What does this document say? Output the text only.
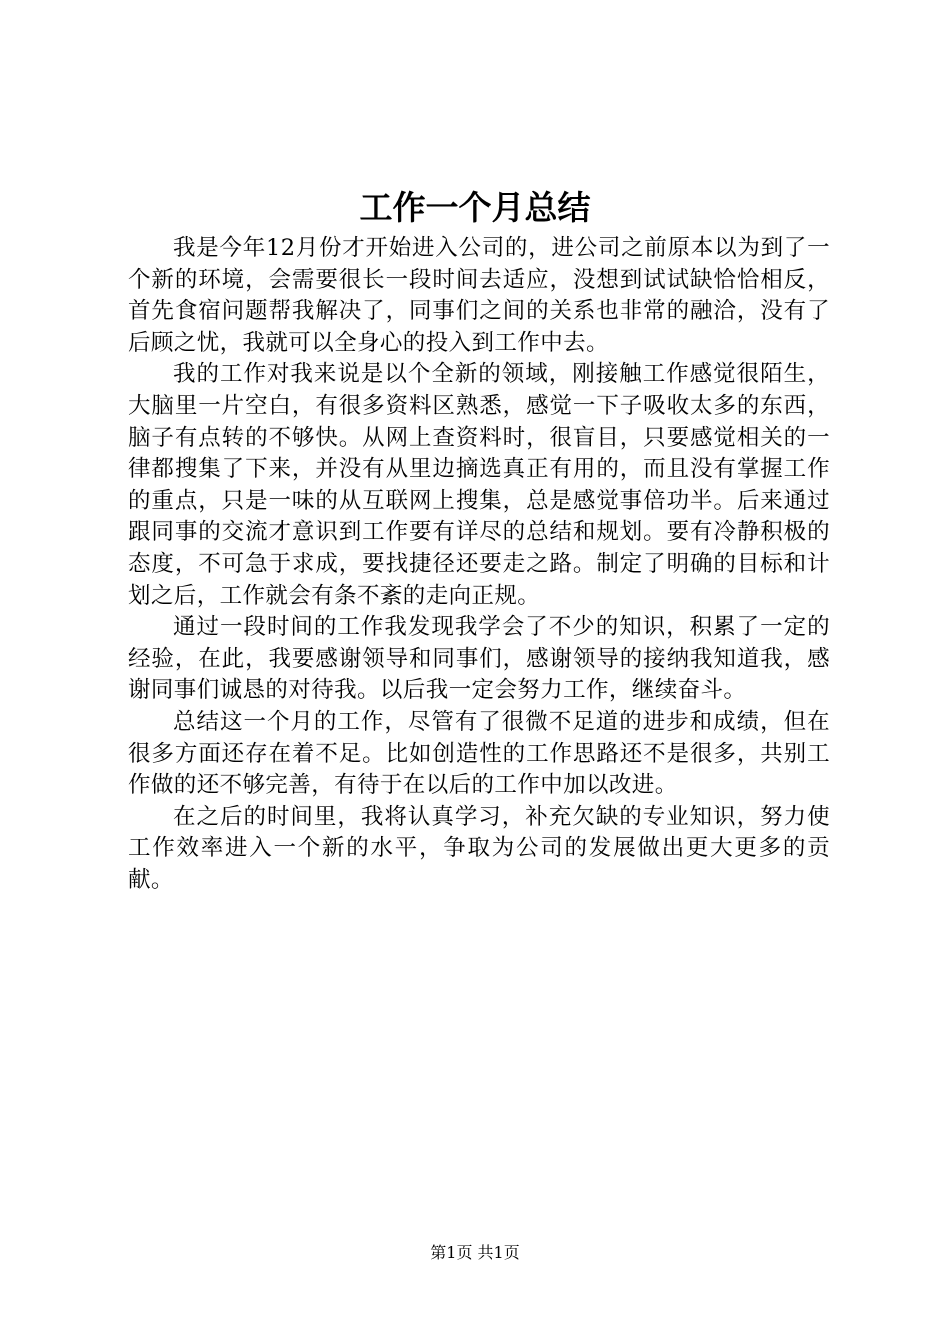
工作一个月总结

我是今年12月份才开始进入公司的，进公司之前原本以为到了一个新的环境，会需要很长一段时间去适应，没想到试试缺恰恰相反，首先食宿问题帮我解决了，同事们之间的关系也非常的融洽，没有了后顾之忧，我就可以全身心的投入到工作中去。

我的工作对我来说是以个全新的领域，刚接触工作感觉很陌生，大脑里一片空白，有很多资料区熟悉，感觉一下子吸收太多的东西，脑子有点转的不够快。从网上查资料时，很盲目，只要感觉相关的一律都搜集了下来，并没有从里边摘选真正有用的，而且没有掌握工作的重点，只是一味的从互联网上搜集，总是感觉事倍功半。后来通过跟同事的交流才意识到工作要有详尽的总结和规划。要有冷静积极的态度，不可急于求成，要找捷径还要走之路。制定了明确的目标和计划之后，工作就会有条不紊的走向正规。

通过一段时间的工作我发现我学会了不少的知识，积累了一定的经验，在此，我要感谢领导和同事们，感谢领导的接纳我知道我，感谢同事们诚恳的对待我。以后我一定会努力工作，继续奋斗。

总结这一个月的工作，尽管有了很微不足道的进步和成绩，但在很多方面还存在着不足。比如创造性的工作思路还不是很多，共别工作做的还不够完善，有待于在以后的工作中加以改进。

在之后的时间里，我将认真学习，补充欠缺的专业知识，努力使工作效率进入一个新的水平，争取为公司的发展做出更大更多的贡献。

第1页 共1页
